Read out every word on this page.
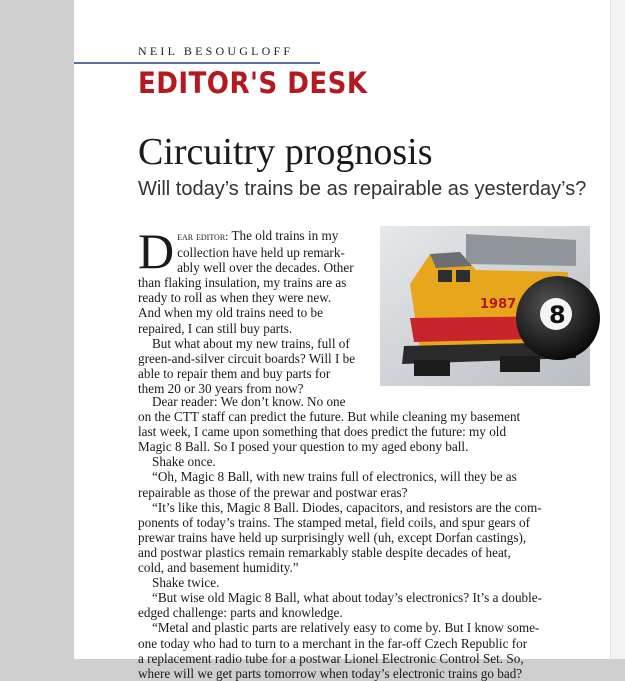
NEIL BESOUGLOFF
EDITOR'S DESK
Circuitry prognosis
Will today’s trains be as repairable as yesterday’s?
D ear editor: The old trains in my
collection have held up remark-
ably well over the decades. Other
than flaking insulation, my trains are as
ready to roll as when they were new.
And when my old trains need to be
repaired, I can still buy parts.
But what about my new trains, full of
green-and-silver circuit boards? Will I be
able to repair them and buy parts for
them 20 or 30 years from now?
1987 8
Dear reader: We don’t know. No one
on the CTT staff can predict the future. But while cleaning my basement
last week, I came upon something that does predict the future: my old
Magic 8 Ball. So I posed your question to my aged ebony ball.
Shake once.
“Oh, Magic 8 Ball, with new trains full of electronics, will they be as
repairable as those of the prewar and postwar eras?
“It’s like this, Magic 8 Ball. Diodes, capacitors, and resistors are the com-
ponents of today’s trains. The stamped metal, field coils, and spur gears of
prewar trains have held up surprisingly well (uh, except Dorfan castings),
and postwar plastics remain remarkably stable despite decades of heat,
cold, and basement humidity.”
Shake twice.
“But wise old Magic 8 Ball, what about today’s electronics? It’s a double-
edged challenge: parts and knowledge.
“Metal and plastic parts are relatively easy to come by. But I know some-
one today who had to turn to a merchant in the far-off Czech Republic for
a replacement radio tube for a postwar Lionel Electronic Control Set. So,
where will we get parts tomorrow when today’s electronic trains go bad?
